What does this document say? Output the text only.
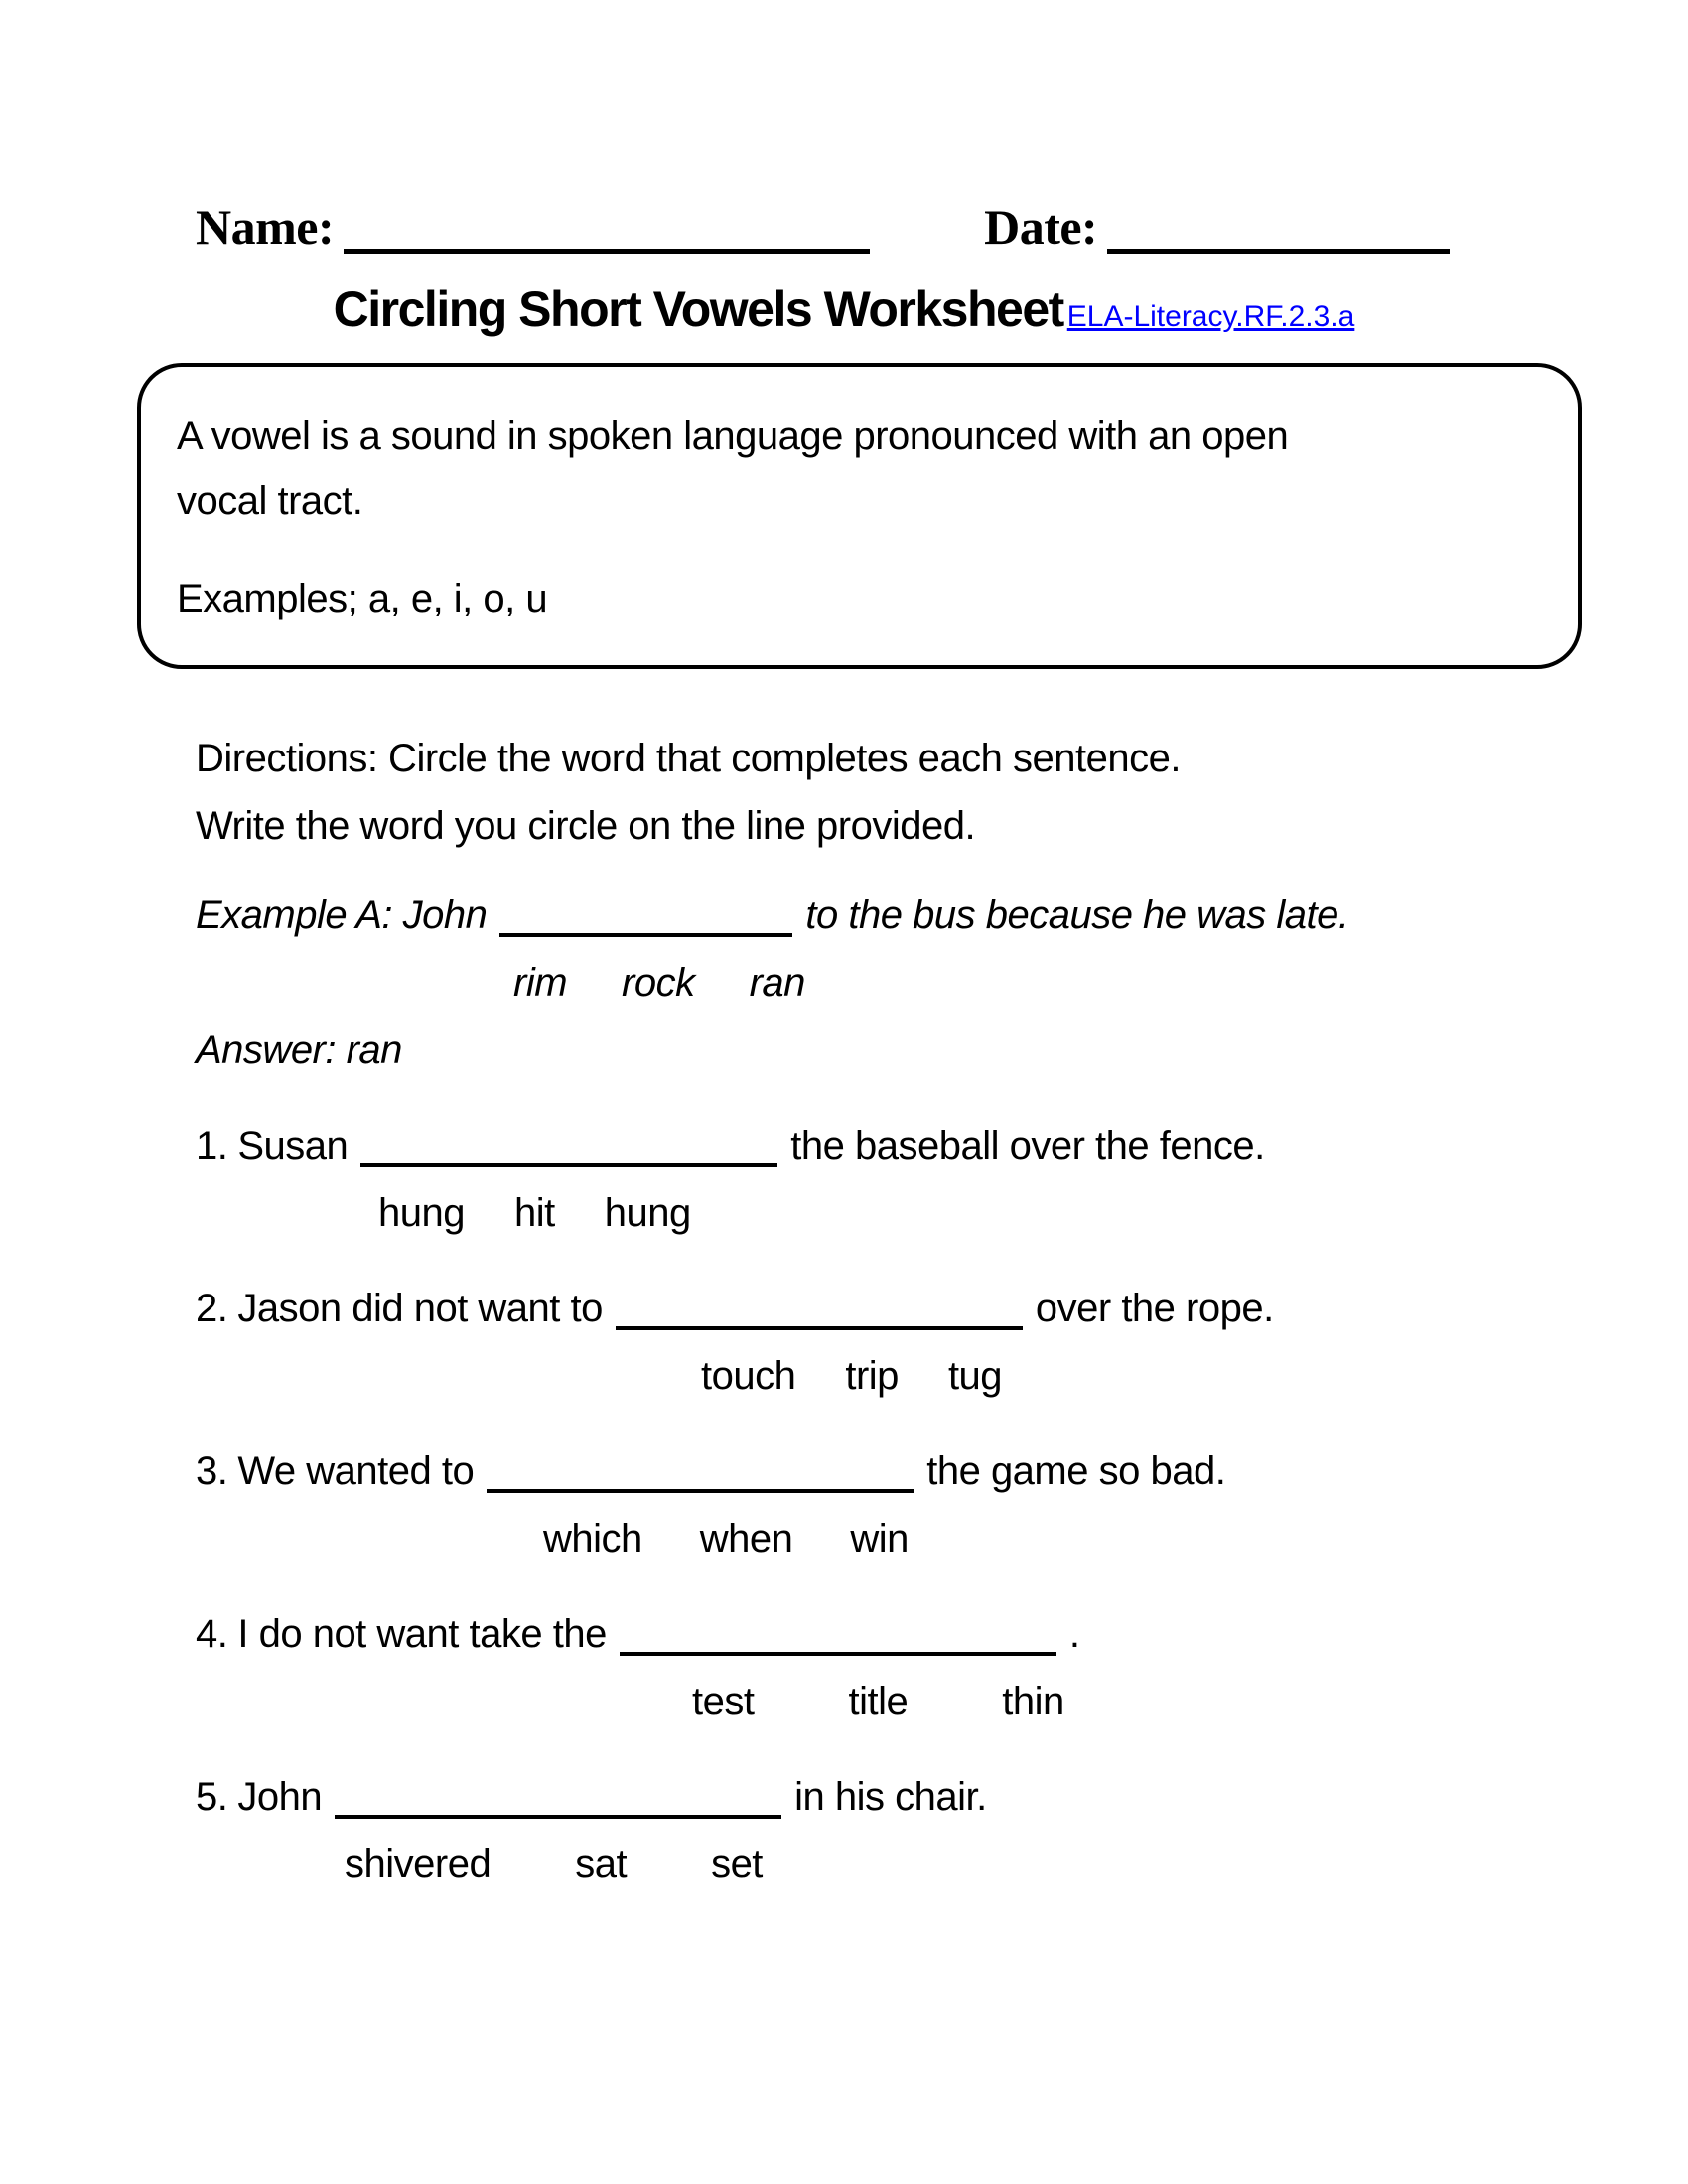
Name:	Date:
Circling Short Vowels Worksheet ELA-Literacy.RF.2.3.a

A vowel is a sound in spoken language pronounced with an open vocal tract.

Examples; a, e, i, o, u

Directions: Circle the word that completes each sentence.
Write the word you circle on the line provided.
Example A: John	to the bus because he was late.
rim rock ran
Answer: ran
1. Susan	the baseball over the fence.
hung hit hung
2. Jason did not want to	over the rope.
touch trip tug
3. We wanted to	the game so bad.
which when win
4. I do not want take the	.
test title thin
5. John	in his chair.
shivered sat set
